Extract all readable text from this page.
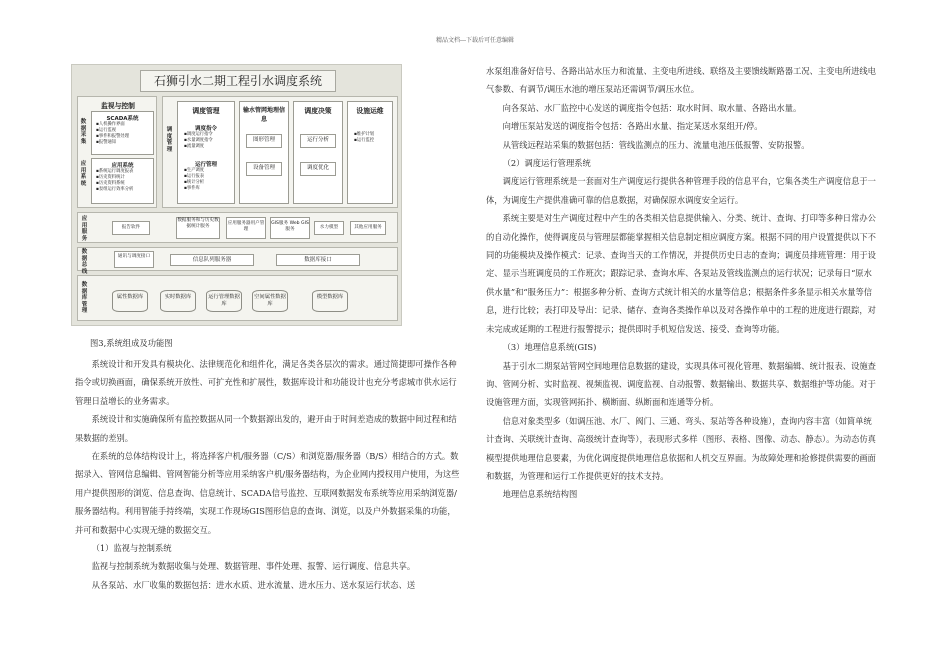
精品文档---下载后可任意编辑
石狮引水二期工程引水调度系统
监视与控制
数据采集
SCADA系统
▪人机操作界面
▪运行监视
▪事件和报警处理
▪报警通知
应用系统
应用系统
▪系统运行调度报表
▪历史资料统计
▪历史资料系统
▪泵组运行效率分析
调度管理
调度管理
调度指令
▪调度运行指令
▪水量调度指令
▪流量调度
运行管理
▪生产调度
▪运行报表
▪统计分析
▪事件库
输水管网地理信息
图形管理
设备管理
调度决策
运行分析
调度优化
设施运维
▪维护计划
▪运行监控
应用服务
报告软件
数据服务和与历史数据统计服务
应用服务器用户管理
GIS服务 Web GIS服务	水力模型	其他应用服务
数据总线
通讯与调度接口
信息队列服务器	数据库接口
数据库管理
属性数据库	实时数据库	运行管理数据库
空间属性数据库
模型数据库
图3,系统组成及功能图

系统设计和开发具有模块化、法律规范化和组件化，满足各类各层次的需求。通过简捷即可操作各种指令或切换画面，确保系统开放性、可扩充性和扩展性，数据库设计和功能设计也充分考虑城市供水运行管理日益增长的业务需求。

系统设计和实施确保所有监控数据从同一个数据源出发的，避开由于时间差造成的数据中间过程和结果数据的差别。

在系统的总体结构设计上，将选择客户机/服务器（C/S）和浏览器/服务器（B/S）相结合的方式。数据录入、管网信息编辑、管网智能分析等应用采纳客户机/服务器结构，为企业网内授权用户使用，为这些用户提供图形的浏览、信息查询、信息统计、SCADA信号监控、互联网数据发布系统等应用采纳浏览器/服务器结构。利用智能手持终端，实现工作现场GIS图形信息的查询、浏览，以及户外数据采集的功能，并可和数据中心实现无缝的数据交互。

（1）监视与控制系统

监视与控制系统为数据收集与处理、数据管理、事件处理、报警、运行调度、信息共享。

从各泵站、水厂收集的数据包括：进水水质、进水流量、进水压力、送水泵运行状态、送

水泵组准备好信号、各路出站水压力和流量、主变电所进线、联络及主要馈线断路器工况、主变电所进线电气参数、有调节/调压水池的增压泵站还需调节/调压水位。

向各泵站、水厂监控中心发送的调度指令包括：取水时间、取水量、各路出水量。

向增压泵站发送的调度指令包括：各路出水量、指定某送水泵组开/停。

从管线远程站采集的数据包括：管线监测点的压力、流量电池压低报警、安防报警。

（2）调度运行管理系统

调度运行管理系统是一套面对生产调度运行提供各种管理手段的信息平台，它集各类生产调度信息于一体，为调度生产提供准确可靠的信息数据，对确保原水调度安全运行。

系统主要是对生产调度过程中产生的各类相关信息提供输入、分类、统计、查询、打印等多种日常办公的自动化操作，使得调度员与管理层都能掌握相关信息制定相应调度方案。根据不同的用户设置提供以下不同的功能模块及操作模式：记录、查询当天的工作情况，并提供历史日志的查询；调度员排班管理：用于设定、显示当班调度员的工作班次；跟踪记录、查询水库、各泵站及管线监测点的运行状况；记录每日“原水供水量”和“服务压力”：根据多种分析、查询方式统计相关的水量等信息；根据条件多条显示相关水量等信息，进行比较；表打印及导出：记录、储存、查询各类操作单以及对各操作单中的工程的进度进行跟踪，对未完成或延期的工程进行报警提示；提供即时手机短信发送、接受、查询等功能。

（3）地理信息系统(GIS)

基于引水二期泵站管网空间地理信息数据的建设，实现具体可视化管理、数据编辑、统计报表、设施查询、管网分析、实时监视、视频监视、调度监视、自动报警、数据输出、数据共享、数据维护等功能。对于设施管理方面，实现管网拓扑、横断面、纵断面和连通等分析。

信息对象类型多（如调压池、水厂、阀门、三通、弯头、泵站等各种设施），查询内容丰富（如简单统计查询、关联统计查询、高级统计查询等），表现形式多样（图形、表格、图像、动态、静态）。为动态仿真模型提供地理信息要素，为优化调度提供地理信息依据和人机交互界面。为故障处理和抢修提供需要的画面和数据，为管理和运行工作提供更好的技术支持。

地理信息系统结构图
